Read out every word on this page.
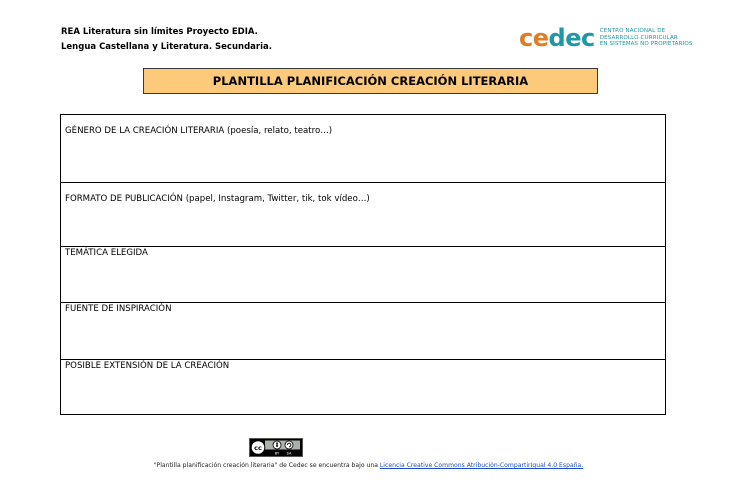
REA Literatura sin límites Proyecto EDIA.
Lengua Castellana y Literatura. Secundaria.	cedec CENTRO NACIONAL DE
DESARROLLO CURRICULAR
EN SISTEMAS NO PROPIETARIOS
PLANTILLA PLANIFICACIÓN CREACIÓN LITERARIA
GÉNERO DE LA CREACIÓN LITERARIA (poesía, relato, teatro…)
FORMATO DE PUBLICACIÓN (papel, Instagram, Twitter, tik, tok vídeo…)
TEMÁTICA ELEGIDA
FUENTE DE INSPIRACIÓN
POSIBLE EXTENSIÓN DE LA CREACIÓN
cc
BY SA
"Plantilla planificación creación literaria" de Cedec se encuentra bajo una Licencia Creative Commons Atribución-CompartirIgual 4.0 España.
